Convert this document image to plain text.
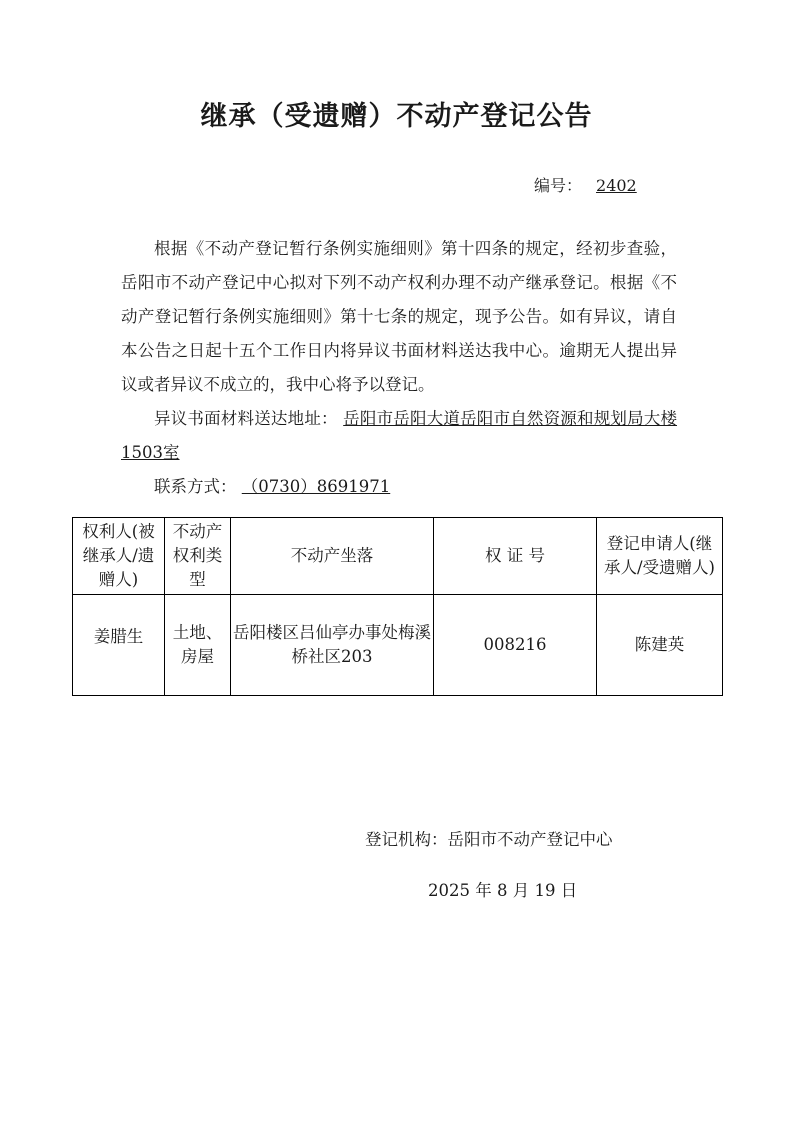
继承（受遗赠）不动产登记公告
编号： 2402

根据《不动产登记暂行条例实施细则》第十四条的规定，经初步查验，岳阳市不动产登记中心拟对下列不动产权利办理不动产继承登记。根据《不动产登记暂行条例实施细则》第十七条的规定，现予公告。如有异议，请自本公告之日起十五个工作日内将异议书面材料送达我中心。逾期无人提出异议或者异议不成立的，我中心将予以登记。

异议书面材料送达地址： 岳阳市岳阳大道岳阳市自然资源和规划局大楼1503室

联系方式： （0730）8691971

权利人(被继承人/遗赠人)	不动产权利类型	不动产坐落	权 证 号	登记申请人(继承人/受遗赠人)
姜腊生	土地、房屋	岳阳楼区吕仙亭办事处梅溪桥社区203	008216	陈建英
登记机构：岳阳市不动产登记中心
2025 年 8 月 19 日
